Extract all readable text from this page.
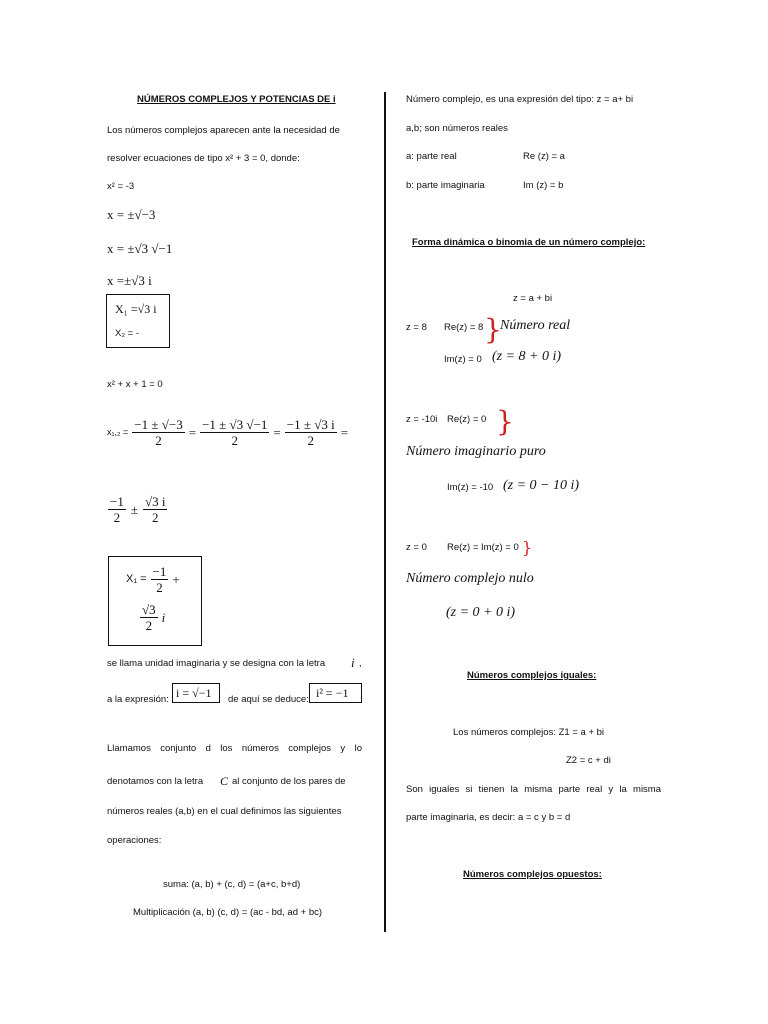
NÚMEROS COMPLEJOS Y POTENCIAS DE i
Los números complejos aparecen ante la necesidad de
resolver ecuaciones de tipo x² + 3 = 0, donde:
x² = -3
x = ±√−3
x = ±√3 √−1
x =±√3 i
X₁ =√3 i
X₂ = -
x² + x + 1 = 0
$x_1,_2 = \frac{-1 \pm √-3}{2} = \frac{-1 \pm √3 √-1}{2} = \frac{-1 \pm √3 i}{2}$ =
$\frac{-1}{2} \pm \frac{√3 i}{2}$
$X_1 = \frac{-1}{2}$ +
$\frac{√3}{2}$ i
se llama unidad imaginaria y se designa con la letra i ,
a la expresión: i = √−1	de aquí se deduce: i² = −1
Llamamos conjunto d los números complejos y lo
denotamos con la letra C al conjunto de los pares de
números reales (a,b) en el cual definimos las siguientes
operaciones:
suma: (a, b) + (c, d) = (a+c, b+d)
Multiplicación (a, b) (c, d) = (ac - bd, ad + bc)
Número complejo, es una expresión del tipo: z = a+ bi
a,b; son números reales
a: parte real	Re (z) = a
b: parte imaginaria	Im (z) = b
Forma dinámica o binomia de un número complejo:
z = a + bi
z = 8 Re(z) = 8 }
Número real
Im(z) = 0 (z = 8 + 0 i)
z = -10i Re(z) = 0 }
Número imaginario puro
Im(z) = -10 (z = 0 − 10 i)
z = 0 Re(z) = Im(z) = 0 }
Número complejo nulo
(z = 0 + 0 i)
Números complejos iguales:
Los números complejos: Z1 = a + bi
Z2 = c + di
Son iguales si tienen la misma parte real y la misma
parte imaginaria, es decir: a = c y b = d
Números complejos opuestos:
